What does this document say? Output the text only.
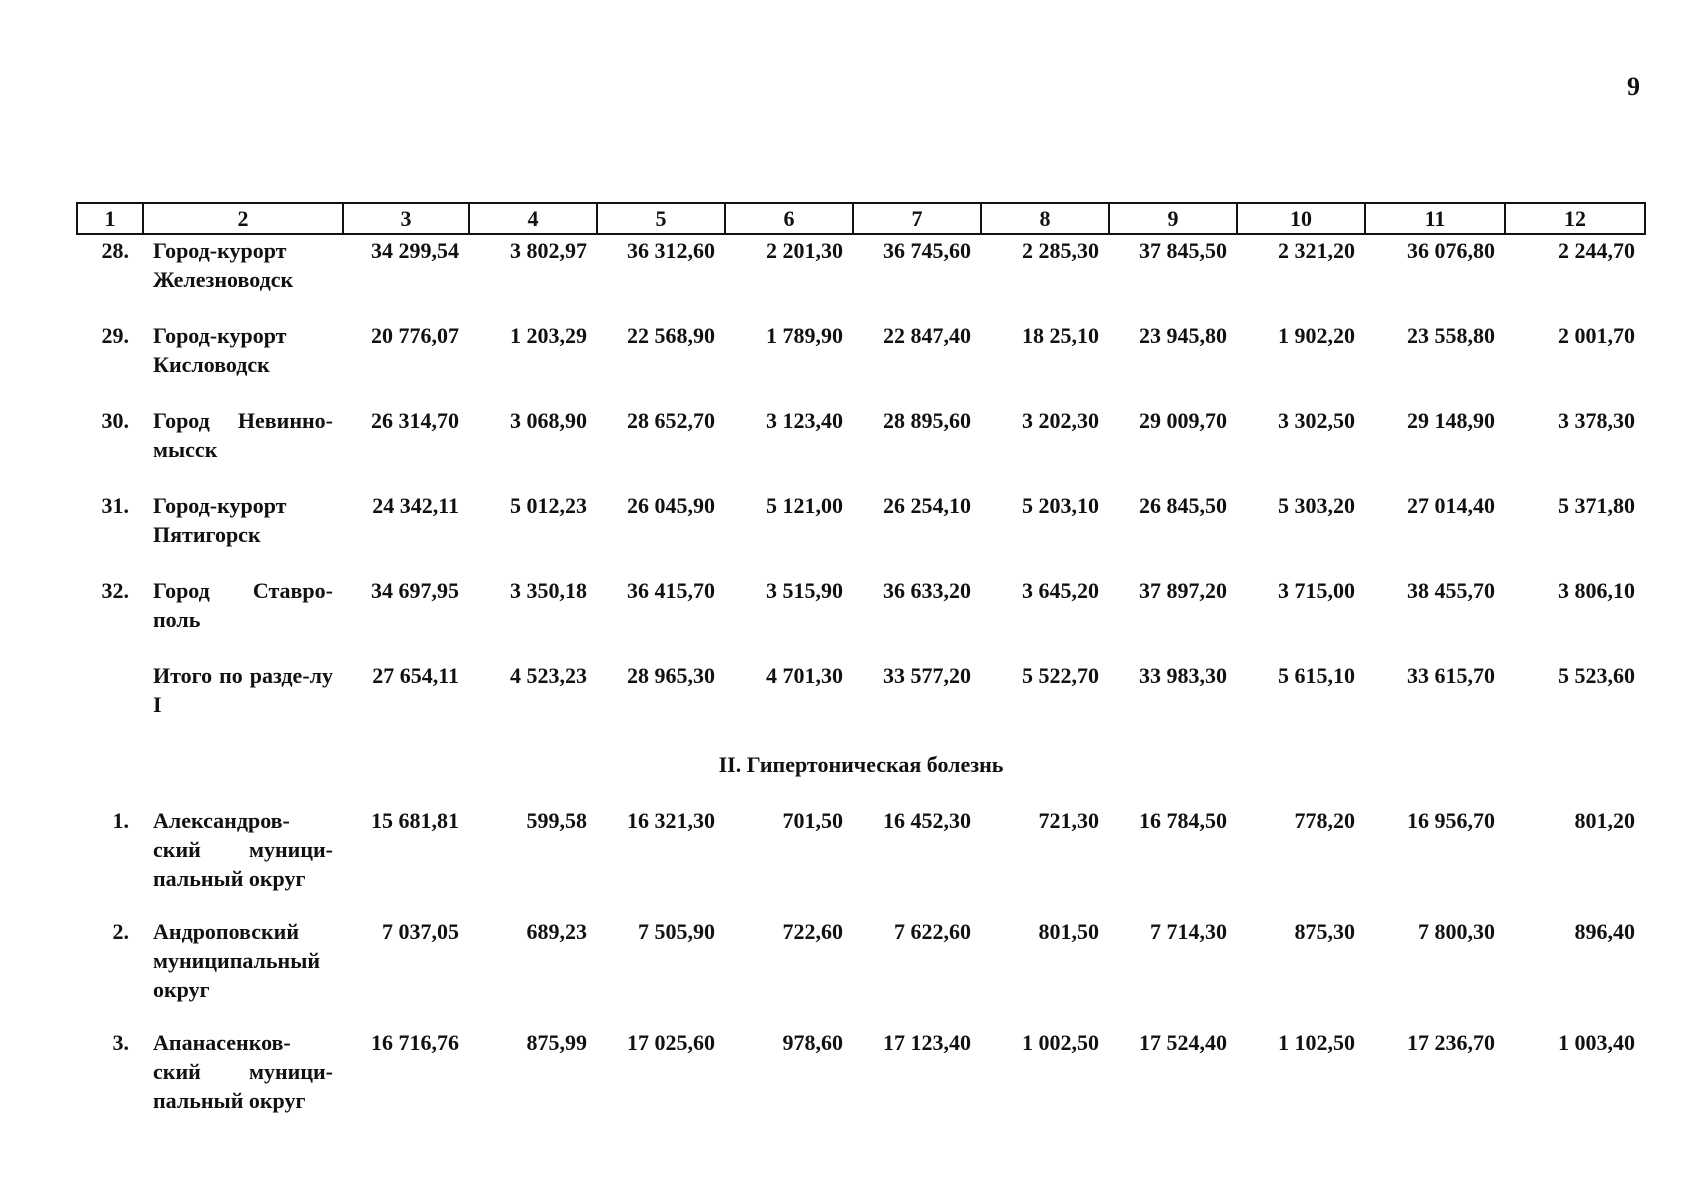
9
1	2	3	4	5	6	7	8	9	10	11	12
28.	Город-курорт Железноводск	34 299,54	3 802,97	36 312,60	2 201,30	36 745,60	2 285,30	37 845,50	2 321,20	36 076,80	2 244,70
29.	Город-курорт Кисловодск	20 776,07	1 203,29	22 568,90	1 789,90	22 847,40	18 25,10	23 945,80	1 902,20	23 558,80	2 001,70
30.	Город Невинно-мысск	26 314,70	3 068,90	28 652,70	3 123,40	28 895,60	3 202,30	29 009,70	3 302,50	29 148,90	3 378,30
31.	Город-курорт Пятигорск	24 342,11	5 012,23	26 045,90	5 121,00	26 254,10	5 203,10	26 845,50	5 303,20	27 014,40	5 371,80
32.	Город Ставро-поль	34 697,95	3 350,18	36 415,70	3 515,90	36 633,20	3 645,20	37 897,20	3 715,00	38 455,70	3 806,10

	Итого по разде-лу I	27 654,11	4 523,23	28 965,30	4 701,30	33 577,20	5 522,70	33 983,30	5 615,10	33 615,70	5 523,60
II. Гипертоническая болезнь											
1.	Александров-ский муници-пальный округ	15 681,81	599,58	16 321,30	701,50	16 452,30	721,30	16 784,50	778,20	16 956,70	801,20
2.	Андроповский муниципальный округ	7 037,05	689,23	7 505,90	722,60	7 622,60	801,50	7 714,30	875,30	7 800,30	896,40
3.	Апанасенков-ский муници-пальный округ	16 716,76	875,99	17 025,60	978,60	17 123,40	1 002,50	17 524,40	1 102,50	17 236,70	1 003,40
